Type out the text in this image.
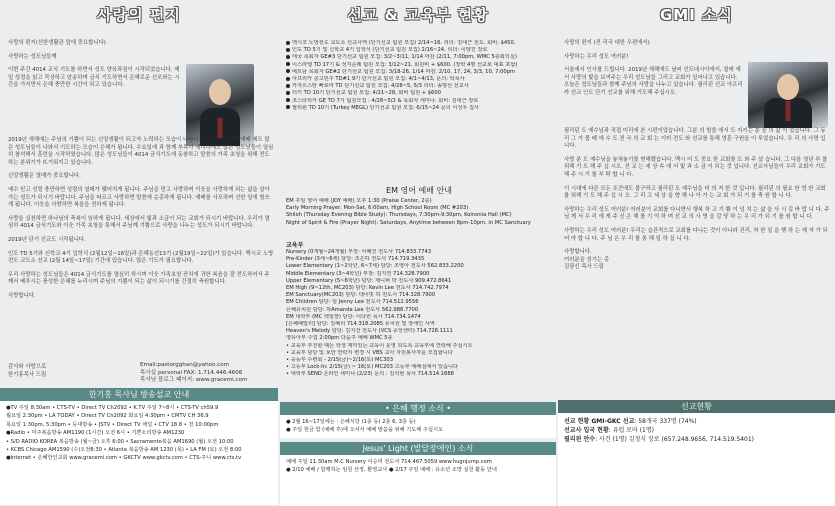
사랑의 편지
사랑의 편지(선한생활관 앞에 중요합니다)
사랑하는 성도님들께
이번 주간 4014 교식 기도를 하면서 성도 양육과점이 시작되었습니다. 매일 성경을 읽고 묵상하고 암송하며 금식 기도하면서 은혜로운 선포와는 시간을 가지면서 은혜 충만한 시간이 되고 있습니다.
2019년 새해에는 주님의 기쁨이 되는 신앙생활이 되고자 노력하는 모습이 나타나고 있습니다. 새벽예배 예도 많은 성도님들이 나와서 기도하는 모습이 은혜가 됩니다. 수요일에 과 함께 부목사 세미나에도 많은 성도님들이 열심히 참석해서 훈련을 시작하였습니다. 많은 성도님들이 4014 금식기도에 동참하고 말씀의 가족 초청을 위해 전도하는 분위기가 뜨거워지고 있습니다.
신앙생활은 열매가 중요합니다.
예수 믿고 성령 충만하면 성령의 열매가 맺어지게 됩니다. 주님을 믿고 사랑하며 이웃을 사랑하게 되는 삶을 살아가는 성도가 되시기 바랍니다. 주님을 따르고 사랑하면 말씀에 순종하게 됩니다. 예배를 사모하며 선한 일에 힘쓰게 됩니다. 이웃을 사랑하면 복음을 전하게 됩니다.
사랑을 실천하면 하나님의 축복이 임하게 됩니다. 세상에서 빛과 소금이 되는 교회가 되시기 바랍니다. 우리가 열심히 4014 금식기도와 이웃 가족 초청을 통해서 주님께 기쁨으로 사랑을 나누는 성도가 되시기 바랍니다.
2019년 단기 선교도 시작됩니다.
인도 TD 5기와 신학교 4기 입학식 (2월12일~16일)과 은혜농선13기 (2월19일~22일)가 있습니다. 멕시코 노방전도 교도소 선교 (2월 14일~17일) 기간에 있습니다. 많은 기도가 필요합니다.
우리 사랑하는 성도님들은 4014 금식기도를 열심히 하시며 이웃 가족초청 잔치에 귀한 복음을 잘 전도하셔서 주께서 베푸시는 풍성한 은혜를 누리시며 주님의 기쁨이 되는 삶이 되시기를 간절히 축원합니다.
사랑합니다.
감사와 사랑으로
한기홍목사 드림
Email:pastorgghan@yahoo.com
목사실 personal FAX: 1.714.446.4606
목사님 블로그 페이지: www.gracemi.com
한기홍 목사님 방송설교 안내
●TV 주일 8:30am • CTS-TV • Direct TV Ch2092 • K.TV 주일 7~8시 • CTS-TV ch59.9
월요일 2:30pm • LA TODAY • Direct TV Ch2092 화요일 4:30pm • CMTV CH 36.9
목요일 1:30pm, 5:30pm • 등대방송 • JSTV • Direct TV 채널 • CTV 18.8 • 전 10:00pm
●Radio • 미주복음방송 AM1190 (1시간) 오전 6시 • 기쁜소리방송 AM1230
• S/D RADIO KOREA 복음방송 (월~금) 오후 6:00 • Sacramento복음 AM1690 (월) 오전 10:00
• KCBS Chicago AM1590 (수)오전8:30 • Atlanta 복음방송 AM 1230 (목) • LA FM (토) 오전 8:00
●Internet • 은혜한인교회 www.gracemi.com • GKCTV www.gkctv.com • CTS-주니 www.cts.tv
선교 & 교육부 현황
멕시코 노방전도 교도소 선교사역 (단기선교 팀원 모집) 2/14~16. 리더: 김대근 전도. 회비: $450.
인도 TD 5기 및 신학교 4기 입학식 (단기선교 팀원 모집) 2/16~24. 리더: 이양진 장로
태국 목회자 GE#3 단기선교 팀원 모집: 3/2~3/11, 1/14 마감 (2/11, 7:00pm, WMC 5층회의실)
이스라엘 TD 17기 & 성지순례 팀원 모집: 3/12~21, 회원비 + $600. (장학 4명 선교보 대표 포함)
베트남 목회자 GE#2 단기선교 팀원 모집: 3/18-26, 1/14 마감. 2/10, 17, 24, 3/3, 10, 7:00pm
아프리카 콩고민주 TD#1 9기 단기선교 팀원 모집: 4/1~4/13, 문의: 탁목사
카자흐스탄 빠로마 TD 단기선교 팀원 모집: 4/28~5, 5/3 리더: 송명선 선교사
터키 TD 10기 단기선교 팀원 모집: 4/21~28, 회비 팀원 + $600
코스타리카 GE TD 7기 팀원모집 : 4/28~5/2 & 목회자 세미나. 회비: 김대근 장로
필리핀 TD 10기 (Turkey MEGL) 단기선교 팀원 모집: 6/15~24 문의 이성우 집사
EM 영어 예배 안내
EM 주일 영어 예배 (JOY 예배) 오후 1:30 (Praise Center, 2층)
Early Morning Prayer: Mon-Sat, 6:00am, High School Room (MC #203)
Shiloh (Thursday Evening Bible Study): Thursdays, 7:30pm-9:30pm, Koinonia Hall (MC)
Night of Spirit & Fire (Prayer Night): Saturdays, Anytime between 8pm-10pm, in MC Sanctuary
교육부
Nursery (0개월~24개월) 부장: 이혜진 전도사 714.833.7743
Pre-Kinder (3세~6세) 담당: 조은하 전도사 714.719.3435
Lower Elementary (1~2학년, 6~7세) 담당: 조영아 전도사 562.833.2200
Middle Elementary (3~4학년) 부장: 김지연 714.328.7900
Upper Elementary (5~6학년) 담당: 제니퍼 박 전도사 909.472.8641
EM High (9~12th, MC203) 담당: Kevin Lee 전도사 714.742.7974
EM Sanctuary(MC203) 담당: 데이빗 허 전도사 714.328.7900
EM Children 담당: 임 Jenny Lee 전도사 714.512.9556
은혜유치원 담당: 하Amanda Lee 전도사 562.988.7700
EM 대학부 (MC 백일장) 담당: 이다빈 목사 714.734.1474
[은혜패밀리] 담당: 김혜리 714.318.2085 유치원 및 장애인 사역
Heaven's Melody 담당: 김지선 전도사 (VCS 중앙센터) 714.728.1111
영유아부 수업 2:00pm 다음주 예배 WMC 5층
• 교육부 추천할 때는 학생 재미있는 교육이 운영 되도록 교육부에 연락해 주십시오
• 교육부 담당 및 보안 연락처 변경 시 VBS 교사 자원봉사자를 모집합니다
• 중등부 수련회 - 2/15(금)~2/16(토) MC303
• 고등부 Lock-In: 2/15(금) ~ 16(토) MC203 고등부 예배실에서 있습니다
• 대학부 SEND 온라인 세미나 (2/23) 문의 : 김석현 목사 714.514.1888
• 은혜 행정 소식 •
● 2월 16~17일에는 : 은혜식당 (1층 등) 2층 6, 3층 등)
● 주일 헌금 함 (예배 후)에 오셔서 예배 말씀을 위해 기도해 주십시오
Jesus' Light (발달장애인) 소식
예배 주일 11:30am M.C Nursery 이승미 전도사 714.467.5059 www.hugnjump.com
● 2/10 예배 / 함께하는 임원 선정, 환영교사 ● 2/17 주일 예배 : 유소년 소망 실천 활동 안내
GMI 소식
사랑의 편지 (전 리국 대한 우편에서)
사랑하는 우리 성도 여러분!
서울에서 인사를 드립니다. 2019년 새해에도 날씨 인도네시아에서, 칠레 에서 사랑의 빛을 보여주는 우리 성도님들 그리고 교회가 일어나고 있습니다. 오늘은 성도님들과 함께 주님의 사랑을 나누고 있습니다. 필리핀 선교 아프리카 선교 인도 단기 선교를 위해 기도해 주십시오.
필리핀 도 예수님과 직접 미리에 본 시편이었습니다. 그분 의 힘쓸 에서 도 지키는 분 들 의 삶 이 었습니다. 그 동 리 그 가 볼 때 에 수 도 전 국 의 교 회 는 이미 전도 와 선교를 통해 영혼 구원을 이 루었습니다. 우 리 의 사명 입니다.
사랑 분 도 예수님을 놓쳐놓기를 현해했습니다. 멕시 어 도 중요 한 교회를 도 와 주 셨 습니다. 그 다음 청년 부 를 위해 기 도 해 주 십 시오. 선 교 는 세 상 속 에 서 빛 과 소 금 이 되는 것 입니다. 선교사님들이 우리 교회가 기도 해 주 시 기 를 부 탁 합 니 다.
이 시대에 다른 모든 조건에도 불구하고 필리핀 도 예수님을 비 의 지 한 것 입니다. 필리핀 의 필요 한 영 한 교회 를 위해 기 도 해 주 십 시 오. 그 리 고 세 상 을 향 해 나 아 가 는 교 회 가 되 기 를 축 원 합 니 다.
사랑하는 우리 성도 여러분! 여러분이 교회를 다니면서 행복 하 고 기 쁨 이 넘 치 는 삶 을 사 시 길 바 랍 니 다. 주 님 께 서 우 리 에 게 주 신 은 혜 를 기 억 하 며 선 교 의 사 명 을 감 당 하 는 우 리 가 되 기 를 원 합 니 다.
사랑하는 우리 성도 여러분! 우리는 습관적으로 교회를 다니는 것이 아니라 진리, 착 한 일 을 행 하 는 제 자 가 되 어 야 합 니 다. 주 님 은 우 리 를 통 해 일 하 십 니 다.
사랑합니다.
여러분을 섬기는 종
김광신 목사 드림
선교현황
선교 현황 GMI-GKC 선교: 58개국 337명 (74%)
선교사 입국 현황: 유럽 로마 (1명)
필리핀 안수: 사건 (1명) 김정식 장로 (657.248.9656, 714.519.5401)
